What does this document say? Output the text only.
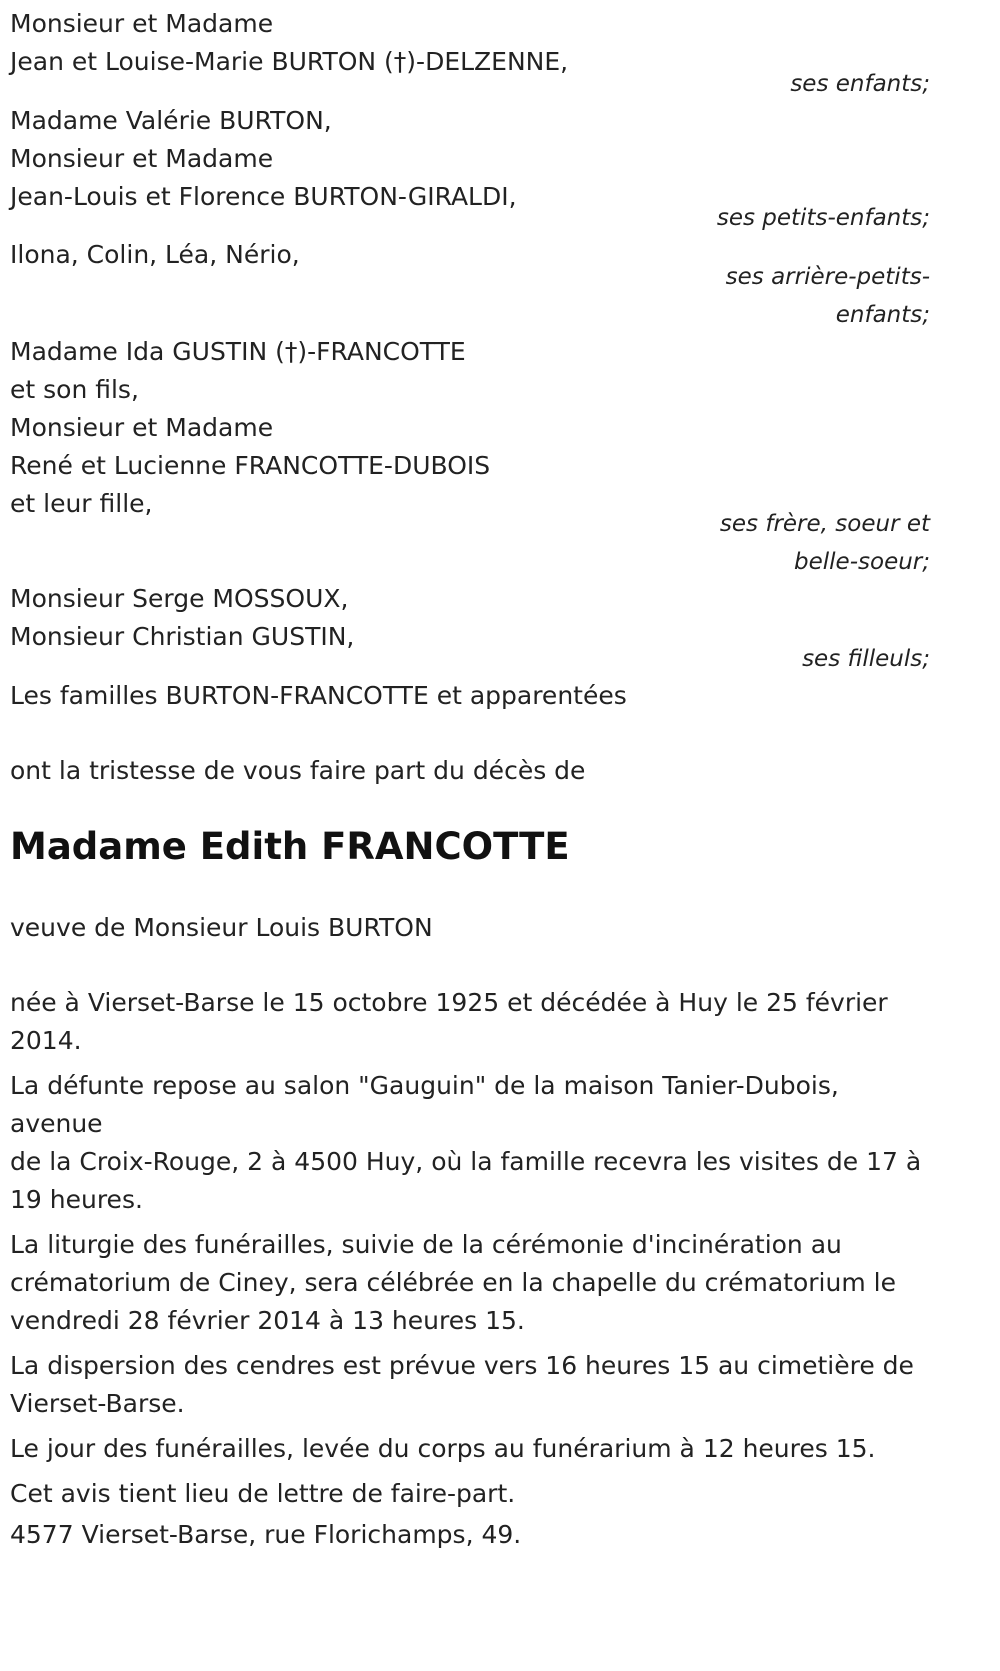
Monsieur et Madame
Jean et Louise-Marie BURTON (†)-DELZENNE,
ses enfants;
Madame Valérie BURTON,
Monsieur et Madame
Jean-Louis et Florence BURTON-GIRALDI,
ses petits-enfants;
Ilona, Colin, Léa, Nério,
ses arrière-petits-
enfants;
Madame Ida GUSTIN (†)-FRANCOTTE
et son fils,
Monsieur et Madame
René et Lucienne FRANCOTTE-DUBOIS
et leur fille,
ses frère, soeur et
belle-soeur;
Monsieur Serge MOSSOUX,
Monsieur Christian GUSTIN,
ses filleuls;
Les familles BURTON-FRANCOTTE et apparentées
ont la tristesse de vous faire part du décès de
Madame Edith FRANCOTTE
veuve de Monsieur Louis BURTON
née à Vierset-Barse le 15 octobre 1925 et décédée à Huy le 25 février
2014.
La défunte repose au salon "Gauguin" de la maison Tanier-Dubois, avenue
de la Croix-Rouge, 2 à 4500 Huy, où la famille recevra les visites de 17 à
19 heures.
La liturgie des funérailles, suivie de la cérémonie d'incinération au
crématorium de Ciney, sera célébrée en la chapelle du crématorium le
vendredi 28 février 2014 à 13 heures 15.
La dispersion des cendres est prévue vers 16 heures 15 au cimetière de
Vierset-Barse.
Le jour des funérailles, levée du corps au funérarium à 12 heures 15.
Cet avis tient lieu de lettre de faire-part.
4577 Vierset-Barse, rue Florichamps, 49.
